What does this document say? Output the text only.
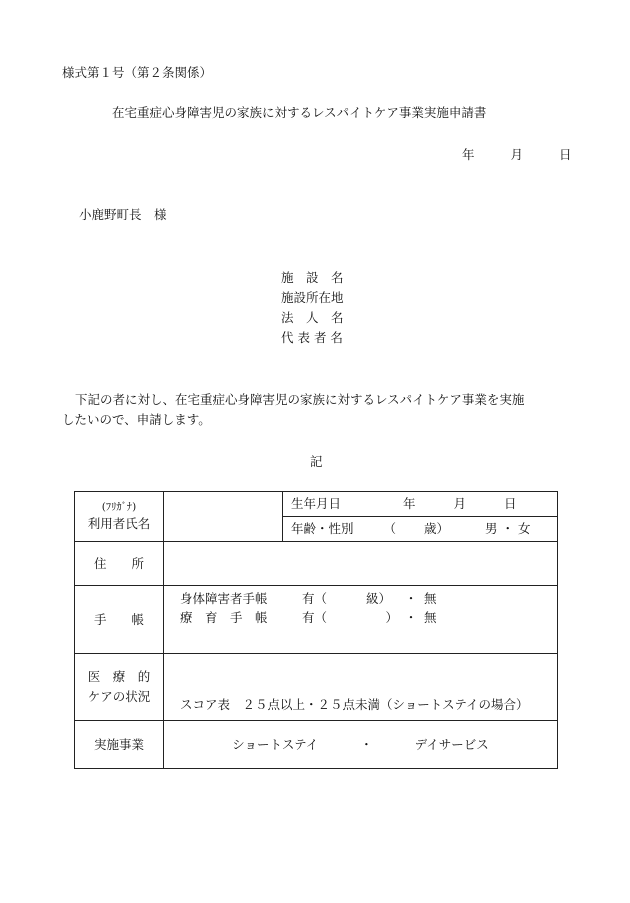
様式第１号（第２条関係）
在宅重症心身障害児の家族に対するレスパイトケア事業実施申請書
年	月	日
小鹿野町長　様
施　設　名
施設所在地
法　人　名
代 表 者 名
下記の者に対し、在宅重症心身障害児の家族に対するレスパイトケア事業を実施
したいので、申請します。
記
(ﾌﾘｶﾞﾅ)
利用者氏名		生年月日 年 月 日
		年齢・性別 （ 歳） 男 ・ 女
住　　所		
手　　帳	身体障害者手帳 有（ 級） ・ 無
療　育　手　帳 有（ ） ・ 無	

医　療　的
ケアの状況	スコア表　２５点以上・２５点未満（ショートステイの場合）	
実施事業	ショートステイ ・ デイサービス	
